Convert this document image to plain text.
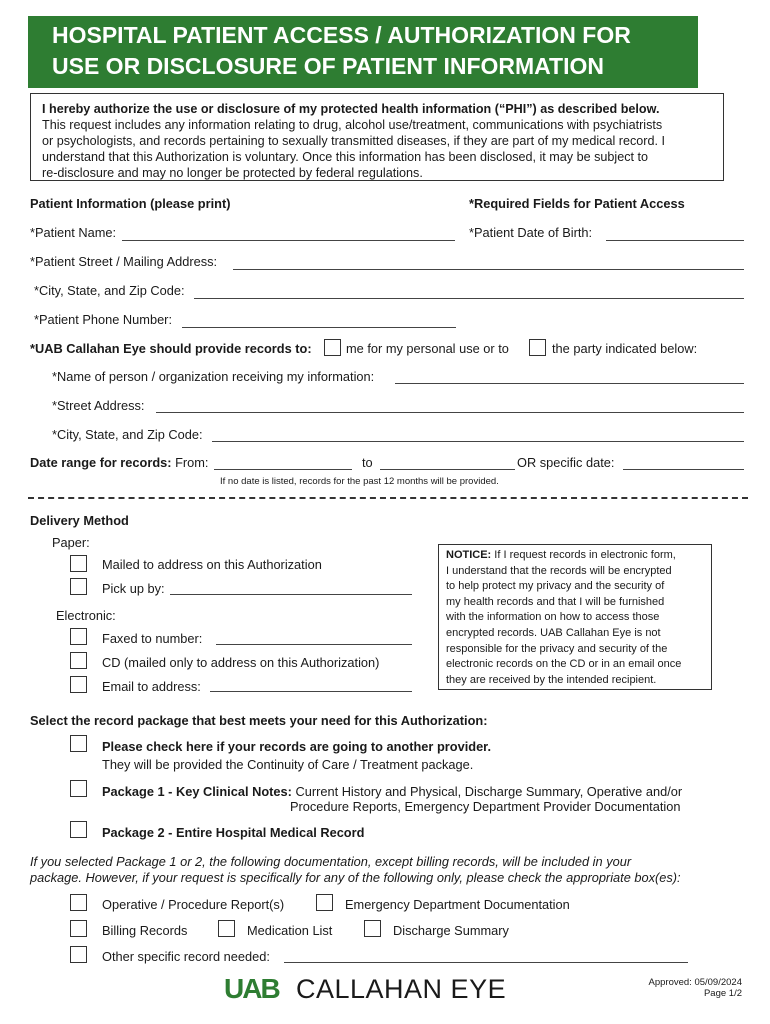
HOSPITAL PATIENT ACCESS / AUTHORIZATION FOR
USE OR DISCLOSURE OF PATIENT INFORMATION
I hereby authorize the use or disclosure of my protected health information (“PHI”) as described below.
This request includes any information relating to drug, alcohol use/treatment, communications with psychiatrists
or psychologists, and records pertaining to sexually transmitted diseases, if they are part of my medical record. I
understand that this Authorization is voluntary. Once this information has been disclosed, it may be subject to
re-disclosure and may no longer be protected by federal regulations.
Patient Information (please print)	*Required Fields for Patient Access
*Patient Name:	*Patient Date of Birth:
*Patient Street / Mailing Address:
*City, State, and Zip Code:
*Patient Phone Number:
*UAB Callahan Eye should provide records to:	me for my personal use or to	the party indicated below:
*Name of person / organization receiving my information:
*Street Address:
*City, State, and Zip Code:
Date range for records: From:	to	OR specific date:
If no date is listed, records for the past 12 months will be provided.
Delivery Method
Paper:
Mailed to address on this Authorization
Pick up by:
Electronic:
Faxed to number:
CD (mailed only to address on this Authorization)
Email to address:
NOTICE: If I request records in electronic form,
I understand that the records will be encrypted
to help protect my privacy and the security of
my health records and that I will be furnished
with the information on how to access those
encrypted records. UAB Callahan Eye is not
responsible for the privacy and security of the
electronic records on the CD or in an email once
they are received by the intended recipient.
Select the record package that best meets your need for this Authorization:
Please check here if your records are going to another provider.
They will be provided the Continuity of Care / Treatment package.
Package 1 - Key Clinical Notes: Current History and Physical, Discharge Summary, Operative and/or
Procedure Reports, Emergency Department Provider Documentation
Package 2 - Entire Hospital Medical Record
If you selected Package 1 or 2, the following documentation, except billing records, will be included in your
package. However, if your request is specifically for any of the following only, please check the appropriate box(es):
Operative / Procedure Report(s)	Emergency Department Documentation
Billing Records	Medication List	Discharge Summary
Other specific record needed:
UAB CALLAHAN EYE	Approved: 05/09/2024
Page 1/2
